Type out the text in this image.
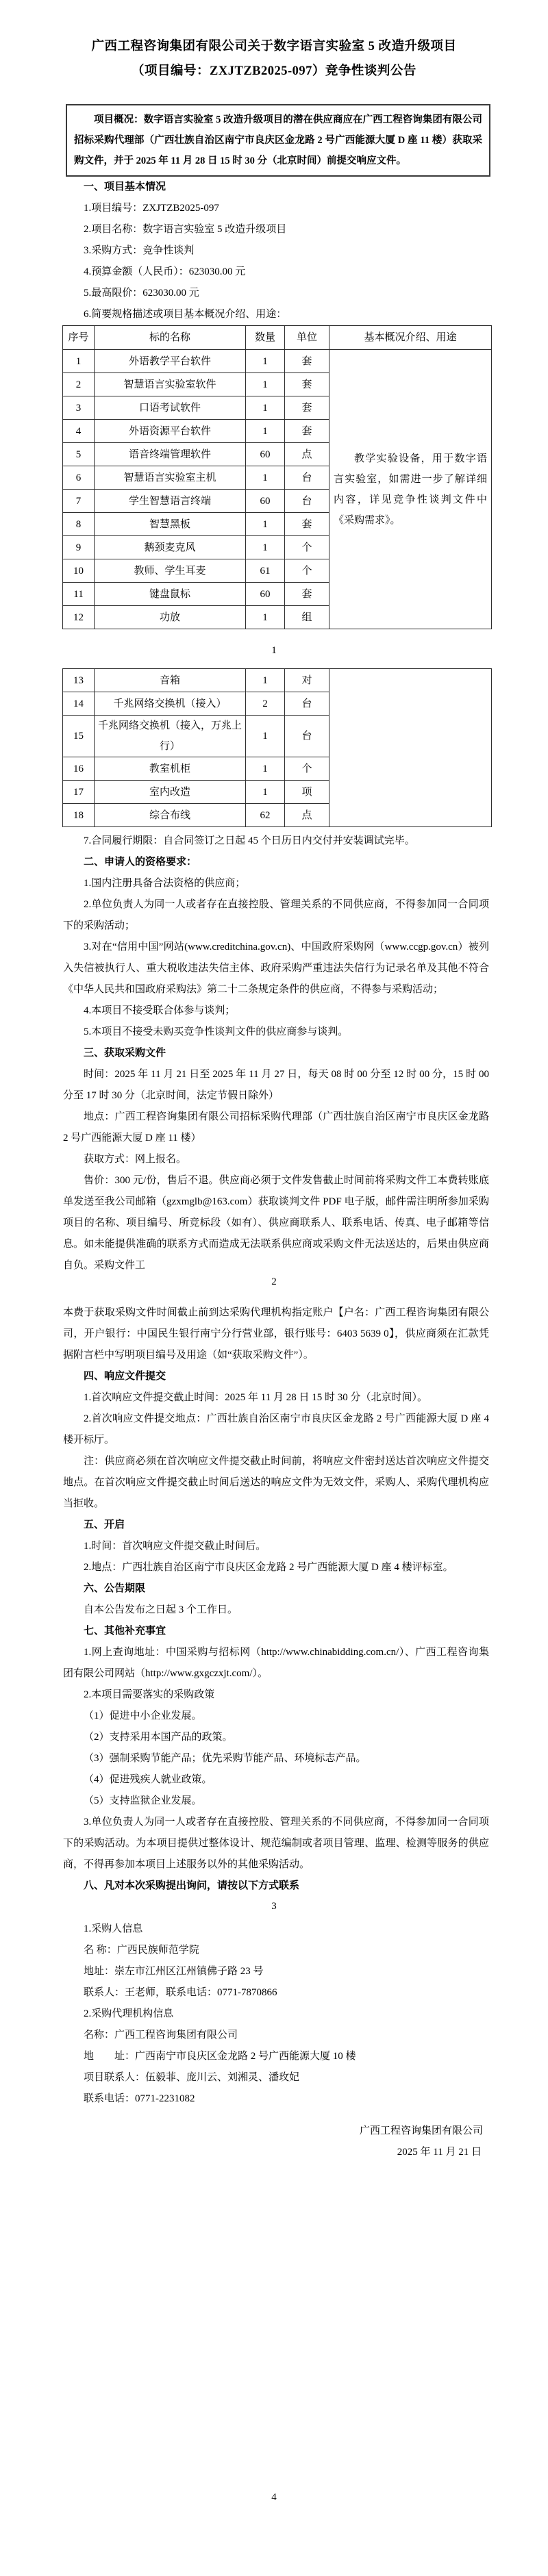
广西工程咨询集团有限公司关于数字语言实验室 5 改造升级项目
（项目编号：ZXJTZB2025-097）竞争性谈判公告

项目概况：数字语言实验室 5 改造升级项目的潜在供应商应在广西工程咨询集团有限公司招标采购代理部（广西壮族自治区南宁市良庆区金龙路 2 号广西能源大厦 D 座 11 楼）获取采购文件，并于 2025 年 11 月 28 日 15 时 30 分（北京时间）前提交响应文件。

一、项目基本情况

1.项目编号：ZXJTZB2025-097

2.项目名称：数字语言实验室 5 改造升级项目

3.采购方式：竞争性谈判

4.预算金额（人民币）：623030.00 元

5.最高限价：623030.00 元

6.简要规格描述或项目基本概况介绍、用途：

序号	标的名称	数量	单位	基本概况介绍、用途
1	外语教学平台软件	1	套	教学实验设备，用于数字语言实验室，如需进一步了解详细内容，详见竞争性谈判文件中《采购需求》。

2	智慧语言实验室软件	1	套	
3	口语考试软件	1	套	
4	外语资源平台软件	1	套	
5	语音终端管理软件	60	点	
6	智慧语言实验室主机	1	台	
7	学生智慧语言终端	60	台	
8	智慧黑板	1	套	
9	鹅颈麦克风	1	个	
10	教师、学生耳麦	61	个	
11	键盘鼠标	60	套	
12	功放	1	组	
1
13	音箱	1	对	

14	千兆网络交换机（接入）	2	台	
15	千兆网络交换机（接入，万兆上行）	1	台	
16	教室机柜	1	个	
17	室内改造	1	项	
18	综合布线	62	点	

7.合同履行期限：自合同签订之日起 45 个日历日内交付并安装调试完毕。

二、申请人的资格要求：

1.国内注册具备合法资格的供应商；

2.单位负责人为同一人或者存在直接控股、管理关系的不同供应商，不得参加同一合同项下的采购活动；

3.对在“信用中国”网站(www.creditchina.gov.cn)、中国政府采购网（www.ccgp.gov.cn）被列入失信被执行人、重大税收违法失信主体、政府采购严重违法失信行为记录名单及其他不符合《中华人民共和国政府采购法》第二十二条规定条件的供应商，不得参与采购活动；

4.本项目不接受联合体参与谈判；

5.本项目不接受未购买竞争性谈判文件的供应商参与谈判。

三、获取采购文件

时间：2025 年 11 月 21 日至 2025 年 11 月 27 日，每天 08 时 00 分至 12 时 00 分，15 时 00 分至 17 时 30 分（北京时间，法定节假日除外）

地点：广西工程咨询集团有限公司招标采购代理部（广西壮族自治区南宁市良庆区金龙路 2 号广西能源大厦 D 座 11 楼）

获取方式：网上报名。

售价：300 元/份，售后不退。供应商必须于文件发售截止时间前将采购文件工本费转账底单发送至我公司邮箱（gzxmglb@163.com）获取谈判文件 PDF 电子版，邮件需注明所参加采购项目的名称、项目编号、所竞标段（如有）、供应商联系人、联系电话、传真、电子邮箱等信息。如未能提供准确的联系方式而造成无法联系供应商或采购文件无法送达的，后果由供应商自负。采购文件工

2

本费于获取采购文件时间截止前到达采购代理机构指定账户【户名：广西工程咨询集团有限公司，开户银行：中国民生银行南宁分行营业部，银行账号：6403 5639 0】，供应商须在汇款凭据附言栏中写明项目编号及用途（如“获取采购文件”）。

四、响应文件提交

1.首次响应文件提交截止时间：2025 年 11 月 28 日 15 时 30 分（北京时间）。

2.首次响应文件提交地点：广西壮族自治区南宁市良庆区金龙路 2 号广西能源大厦 D 座 4 楼开标厅。

注：供应商必须在首次响应文件提交截止时间前，将响应文件密封送达首次响应文件提交地点。在首次响应文件提交截止时间后送达的响应文件为无效文件，采购人、采购代理机构应当拒收。

五、开启

1.时间：首次响应文件提交截止时间后。

2.地点：广西壮族自治区南宁市良庆区金龙路 2 号广西能源大厦 D 座 4 楼评标室。

六、公告期限

自本公告发布之日起 3 个工作日。

七、其他补充事宜

1.网上查询地址：中国采购与招标网（http://www.chinabidding.com.cn/）、广西工程咨询集团有限公司网站（http://www.gxgczxjt.com/）。

2.本项目需要落实的采购政策

（1）促进中小企业发展。

（2）支持采用本国产品的政策。

（3）强制采购节能产品；优先采购节能产品、环境标志产品。

（4）促进残疾人就业政策。

（5）支持监狱企业发展。

3.单位负责人为同一人或者存在直接控股、管理关系的不同供应商，不得参加同一合同项下的采购活动。为本项目提供过整体设计、规范编制或者项目管理、监理、检测等服务的供应商，不得再参加本项目上述服务以外的其他采购活动。

八、凡对本次采购提出询问，请按以下方式联系

3

1.采购人信息

名 称：广西民族师范学院

地址：崇左市江州区江州镇佛子路 23 号

联系人：王老师，联系电话：0771-7870866

2.采购代理机构信息

名称：广西工程咨询集团有限公司

地　　址：广西南宁市良庆区金龙路 2 号广西能源大厦 10 楼

项目联系人：伍毅菲、庞川云、刘湘灵、潘玫妃

联系电话：0771-2231082

广西工程咨询集团有限公司

2025 年 11 月 21 日

4
